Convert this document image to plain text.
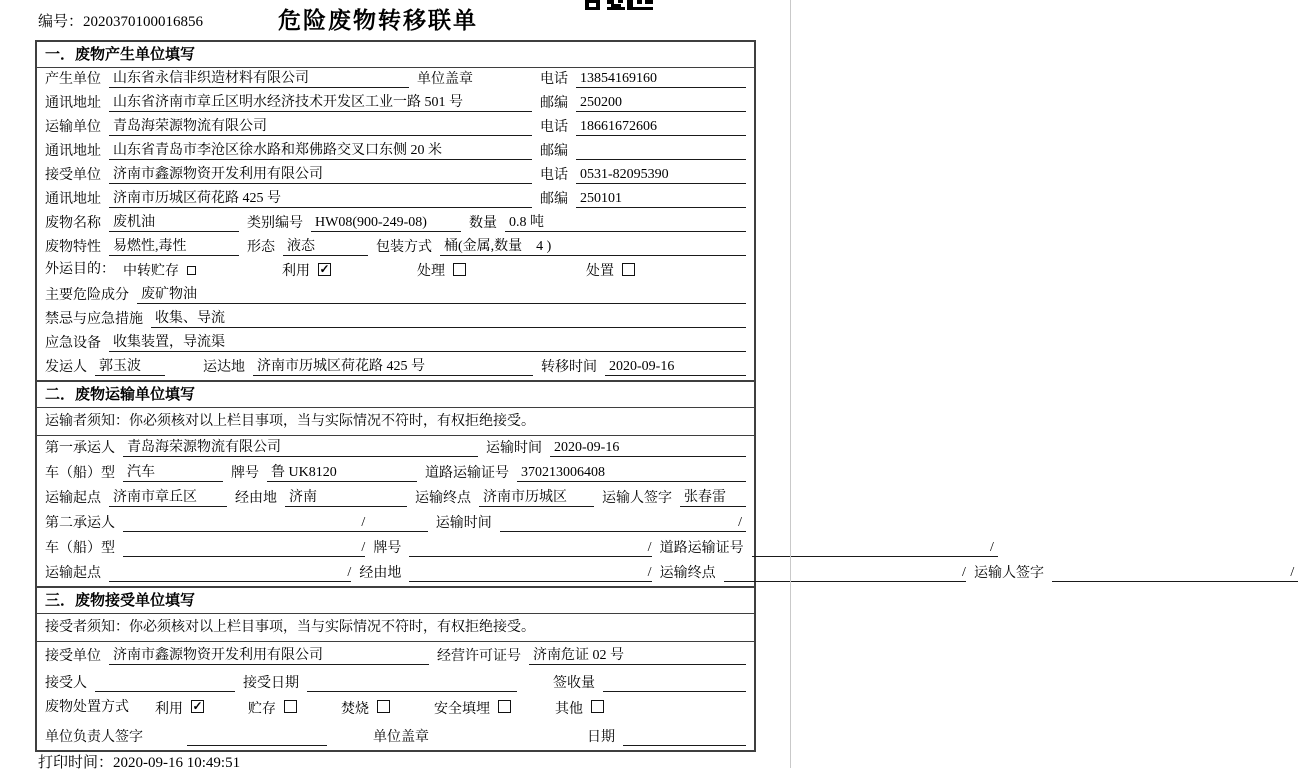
编号：2020370100016856	危险废物转移联单
一．废物产生单位填写
产生单位 山东省永信非织造材料有限公司	单位盖章	电话 13854169160
通讯地址 山东省济南市章丘区明水经济技术开发区工业一路 501 号	邮编 250200
运输单位 青岛海荣源物流有限公司	电话 18661672606
通讯地址 山东省青岛市李沧区徐水路和郑佛路交叉口东侧 20 米	邮编
接受单位 济南市鑫源物资开发利用有限公司	电话 0531-82095390
通讯地址 济南市历城区荷花路 425 号	邮编 250101
废物名称 废机油	类别编号 HW08(900-249-08)	数量 0.8 吨
废物特性 易燃性,毒性	形态 液态	包装方式 桶(金属,数量　4 )
外运目的： 中转贮存	利用 ✓	处理	处置
主要危险成分 废矿物油
禁忌与应急措施 收集、导流
应急设备 收集装置，导流渠
发运人 郭玉波	运达地 济南市历城区荷花路 425 号	转移时间 2020-09-16
二．废物运输单位填写
运输者须知：你必须核对以上栏目事项，当与实际情况不符时，有权拒绝接受。
第一承运人 青岛海荣源物流有限公司	运输时间 2020-09-16
车（船）型 汽车	牌号 鲁 UK8120	道路运输证号 370213006408
运输起点 济南市章丘区	经由地 济南	运输终点 济南市历城区	运输人签字 张春雷
第二承运人	/	运输时间	/
车（船）型	/ 牌号	/ 道路运输证号	/
运输起点	/ 经由地	/ 运输终点	/ 运输人签字	/
三．废物接受单位填写
接受者须知：你必须核对以上栏目事项，当与实际情况不符时，有权拒绝接受。
接受单位 济南市鑫源物资开发利用有限公司	经营许可证号 济南危证 02 号
接受人	接受日期	签收量
废物处置方式 利用 ✓	贮存	焚烧	安全填埋	其他
单位负责人签字	单位盖章	日期
打印时间：2020-09-16 10:49:51
